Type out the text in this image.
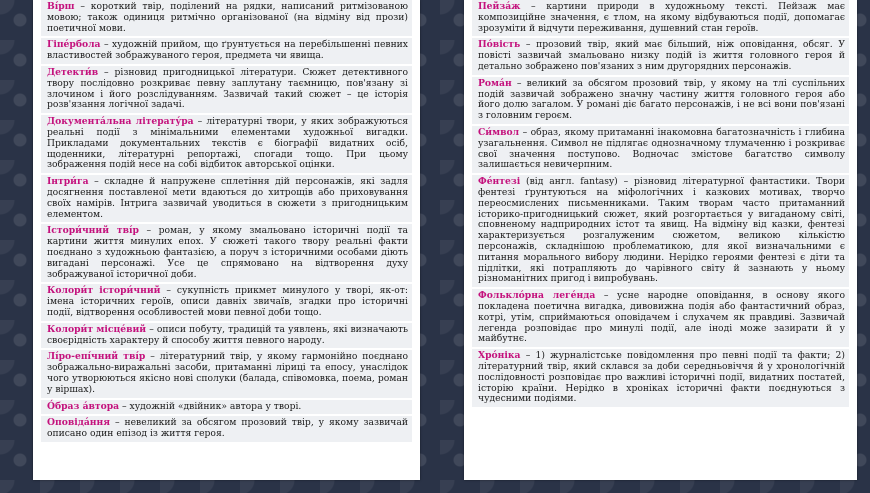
Ві́рш – короткий твір, поділений на рядки, написаний ритмізованою мовою; також одиниця ритмічно організованої (на відміну від прози) поетичної мови.

Гіпе́рбола – художній прийом, що ґрунтується на перебільшенні певних властивостей зображуваного героя, предмета чи явища.

Детекти́в – різновид пригодницької літератури. Сюжет детективного твору послідовно розкриває певну заплутану таємницю, пов'язану зі злочином і його розслідуванням. Зазвичай такий сюжет – це історія розв'язання логічної задачі.

Документа́льна літерату́ра – літературні твори, у яких зображуються реальні події з мінімальними елементами художньої вигадки. Прикладами документальних текстів є біографії видатних осіб, щоденники, літературні репортажі, спогади тощо. При цьому зображення подій несе на собі відбиток авторської оцінки.

Інтри́га – складне й напружене сплетіння дій персонажів, які задля досягнення поставленої мети вдаються до хитрощів або приховування своїх намірів. Інтрига зазвичай уводиться в сюжети з пригодницьким елементом.

Істори́чний тві́р – роман, у якому змальовано історичні події та картини життя минулих епох. У сюжеті такого твору реальні факти поєднано з художньою фантазією, а поруч з історичними особами діють вигадані персонажі. Усе це спрямовано на відтворення духу зображуваної історичної доби.

Колори́т істори́чний – сукупність прикмет минулого у творі, як-от: імена історичних героїв, описи давніх звичаїв, згадки про історичні події, відтворення особливостей мови певної доби тощо.

Колори́т місце́вий – описи побуту, традицій та уявлень, які визначають своєрідність характеру й способу життя певного народу.

Лі́ро-епі́чний тві́р – літературний твір, у якому гармонійно поєднано зображально-виражальні засоби, притаманні ліриці та епосу, унаслідок чого утворюються якісно нові сполуки (балада, співомовка, поема, роман у віршах).

О́браз а́втора – художній «двійник» автора у творі.

Оповіда́ння – невеликий за обсягом прозовий твір, у якому зазвичай описано один епізод із життя героя.

Пейза́ж – картини природи в художньому тексті. Пейзаж має композиційне значення, є тлом, на якому відбуваються події, допомагає зрозуміти й відчути переживання, душевний стан героїв.

По́вість – прозовий твір, який має більший, ніж оповідання, обсяг. У повісті зазвичай змальовано низку подій із життя головного героя й детально зображено пов'язаних з ним другорядних персонажів.

Рома́н – великий за обсягом прозовий твір, у якому на тлі суспільних подій зазвичай зображено значну частину життя головного героя або його долю загалом. У романі діє багато персонажів, і не всі вони пов'язані з головним героєм.

Си́мвол – образ, якому притаманні інакомовна багатозначність і глибина узагальнення. Символ не підлягає однозначному тлумаченню і розкриває свої значення поступово. Водночас змістове багатство символу залишається невичерпним.

Фе́нтезі (від англ. fantasy) – різновид літературної фантастики. Твори фентезі ґрунтуються на міфологічних і казкових мотивах, творчо переосмислених письменниками. Таким творам часто притаманний історико-пригодницький сюжет, який розгортається у вигаданому світі, сповненому надприродних істот та явищ. На відміну від казки, фентезі характеризується розгалуженим сюжетом, великою кількістю персонажів, складнішою проблематикою, для якої визначальними є питання морального вибору людини. Нерідко героями фентезі є діти та підлітки, які потрапляють до чарівного світу й зазнають у ньому різноманітних пригод і випробувань.

Фолькло́рна леге́нда – усне народне оповідання, в основу якого покладена поетична вигадка, дивовижна подія або фантастичний образ, котрі, утім, сприймаються оповідачем і слухачем як правдиві. Зазвичай легенда розповідає про минулі події, але іноді може зазирати й у майбутнє.

Хро́ніка – 1) журналістське повідомлення про певні події та факти; 2) літературний твір, який склався за доби середньовіччя й у хронологічній послідовності розповідає про важливі історичні події, видатних постатей, історію країни. Нерідко в хроніках історичні факти поєднуються з чудесними подіями.
